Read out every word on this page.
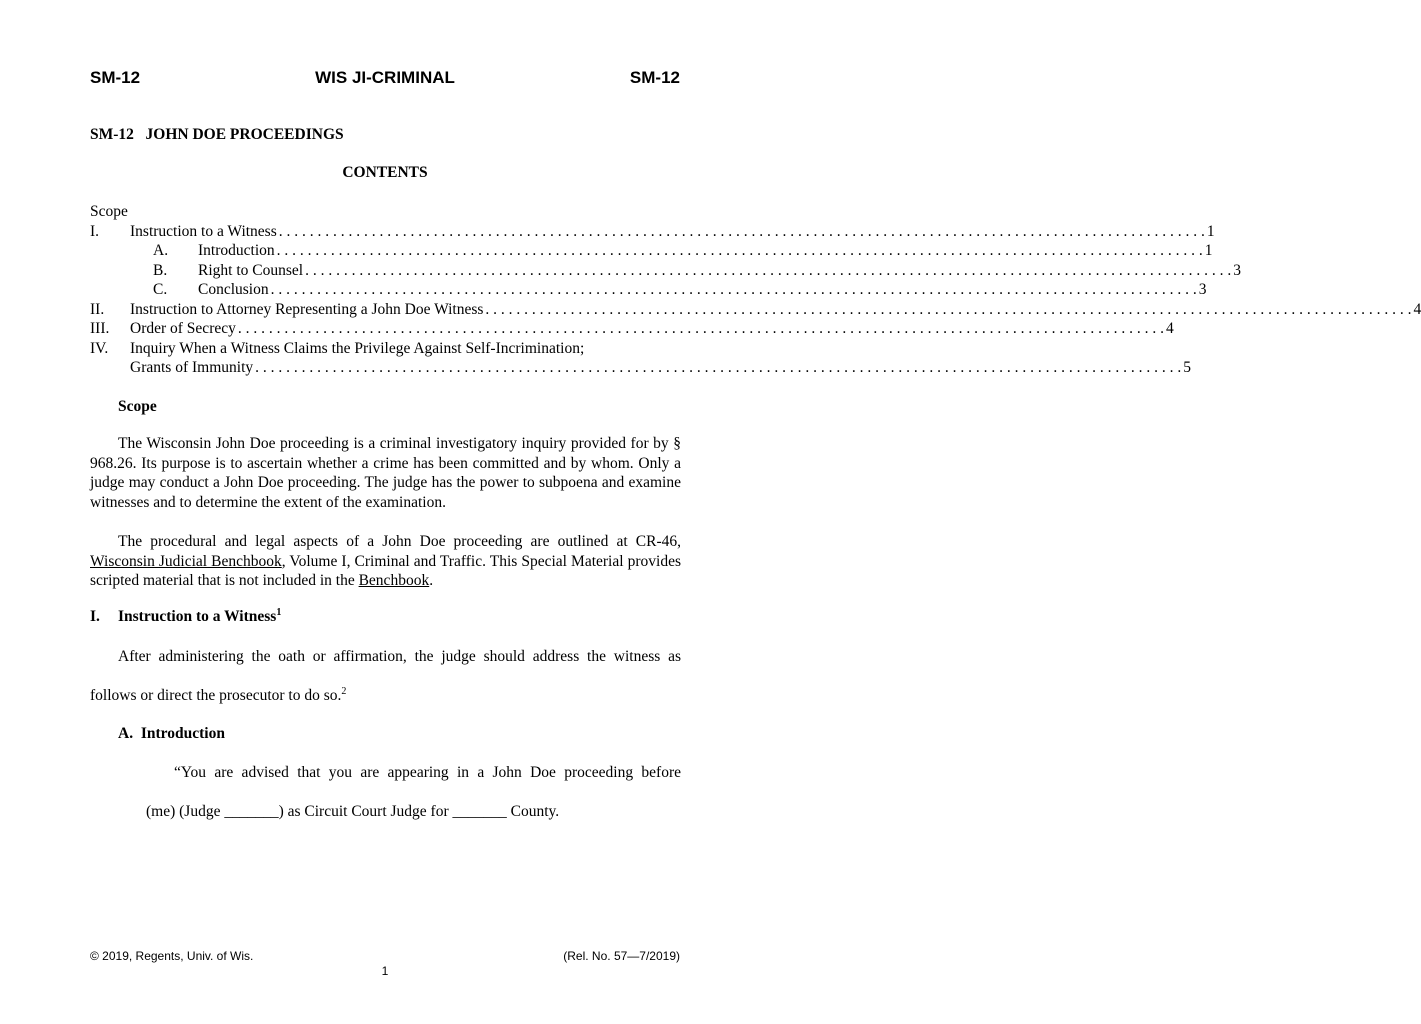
SM-12	WIS JI-CRIMINAL	SM-12
SM-12   JOHN DOE PROCEEDINGS
CONTENTS
Scope
I.	Instruction to a Witness . . . . . . . . . . . . . . . . . . . . . . . . . . . . . . . . . . . . . . . . . . . . . . . . . . . . . . . . . . . . . . . . . . . . . . . . . . . . . . . . . . . . . . . . . . . . . . . . . . . . . . . . . . . . . . . . . . . . . . . . 1
A.	Introduction . . . . . . . . . . . . . . . . . . . . . . . . . . . . . . . . . . . . . . . . . . . . . . . . . . . . . . . . . . . . . . . . . . . . . . . . . . . . . . . . . . . . . . . . . . . . . . . . . . . . . . . . . . . . . . . . . . . . . . . . 1
B.	Right to Counsel . . . . . . . . . . . . . . . . . . . . . . . . . . . . . . . . . . . . . . . . . . . . . . . . . . . . . . . . . . . . . . . . . . . . . . . . . . . . . . . . . . . . . . . . . . . . . . . . . . . . . . . . . . . . . . . . . . . . . . . . 3
C.	Conclusion . . . . . . . . . . . . . . . . . . . . . . . . . . . . . . . . . . . . . . . . . . . . . . . . . . . . . . . . . . . . . . . . . . . . . . . . . . . . . . . . . . . . . . . . . . . . . . . . . . . . . . . . . . . . . . . . . . . . . . . . 3
II.	Instruction to Attorney Representing a John Doe Witness . . . . . . . . . . . . . . . . . . . . . . . . . . . . . . . . . . . . . . . . . . . . . . . . . . . . . . . . . . . . . . . . . . . . . . . . . . . . . . . . . . . . . . . . . . . . . . . . . . . . . . . . . . . . . . . . . . . . . . . . 4
III.	Order of Secrecy . . . . . . . . . . . . . . . . . . . . . . . . . . . . . . . . . . . . . . . . . . . . . . . . . . . . . . . . . . . . . . . . . . . . . . . . . . . . . . . . . . . . . . . . . . . . . . . . . . . . . . . . . . . . . . . . . . . . . . . . 4
IV.	Inquiry When a Witness Claims the Privilege Against Self-Incrimination;
Grants of Immunity . . . . . . . . . . . . . . . . . . . . . . . . . . . . . . . . . . . . . . . . . . . . . . . . . . . . . . . . . . . . . . . . . . . . . . . . . . . . . . . . . . . . . . . . . . . . . . . . . . . . . . . . . . . . . . . . . . . . . . . . 5
Scope

The Wisconsin John Doe proceeding is a criminal investigatory inquiry provided for by § 968.26. Its purpose is to ascertain whether a crime has been committed and by whom. Only a judge may conduct a John Doe proceeding. The judge has the power to subpoena and examine witnesses and to determine the extent of the examination.

The procedural and legal aspects of a John Doe proceeding are outlined at CR-46, Wisconsin Judicial Benchbook, Volume I, Criminal and Traffic. This Special Material provides scripted material that is not included in the Benchbook.

I. Instruction to a Witness$^1$
After administering the oath or affirmation, the judge should address the witness as
follows or direct the prosecutor to do so.$^2$
A.  Introduction
“You are advised that you are appearing in a John Doe proceeding before
(me) (Judge _______) as Circuit Court Judge for _______ County.
© 2019, Regents, Univ. of Wis.	(Rel. No. 57—7/2019)
1
